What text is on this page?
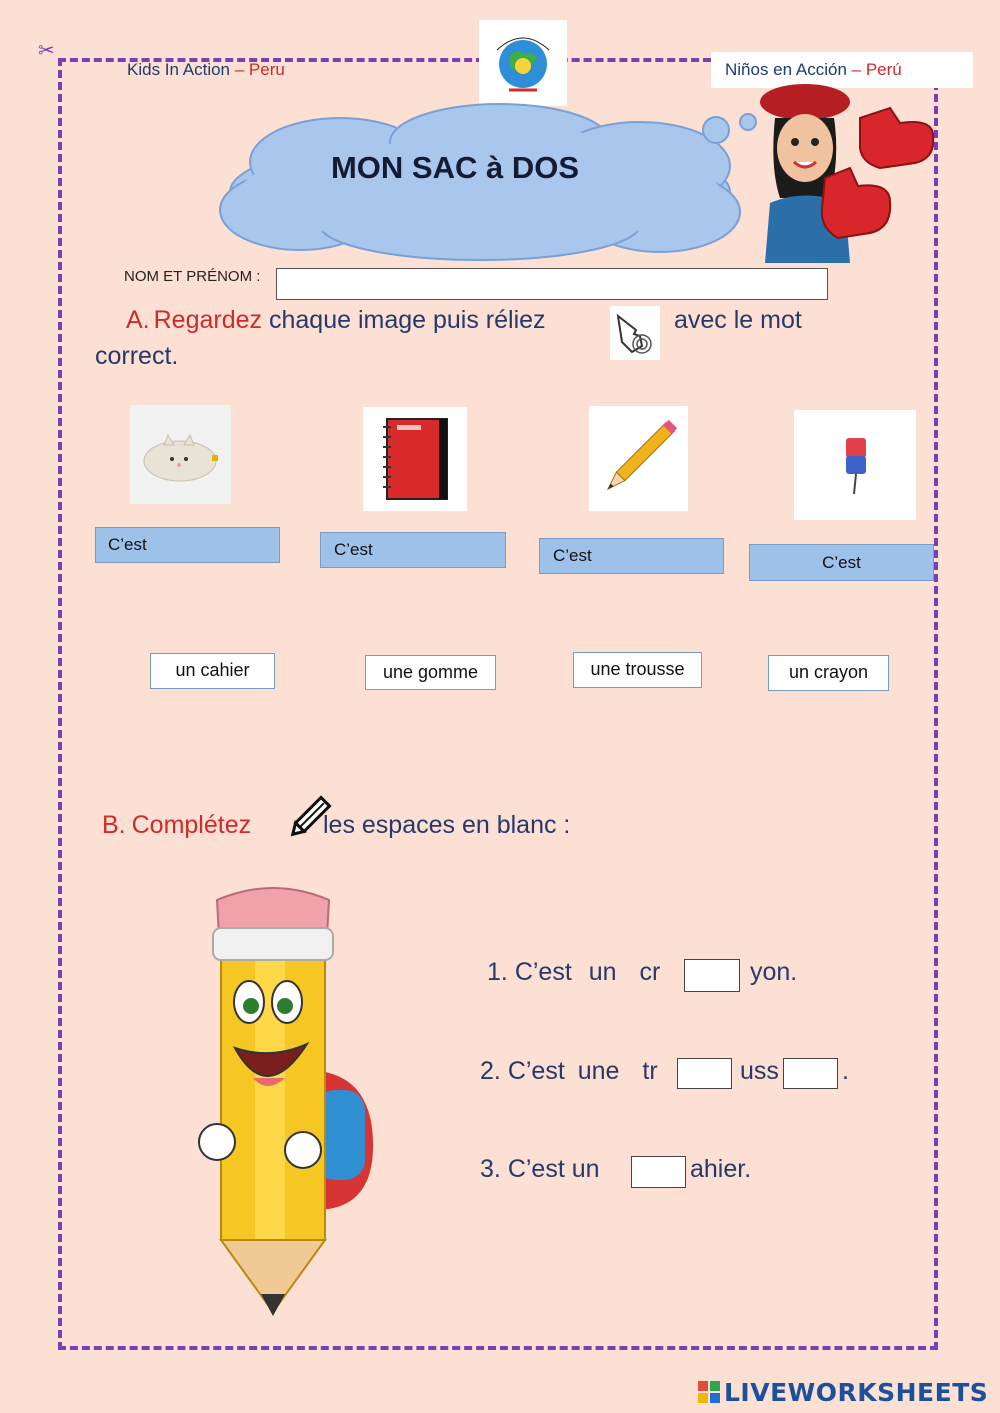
✂
Kids In Action – Peru	Niños en Acción – Perú
MON SAC à DOS
NOM ET PRÉNOM :
A. Regardez chaque image puis réliez	avec le mot
correct.
C’est	C’est	C’est	C’est
un cahier	une gomme	une trousse	un crayon
B. Complétez	les espaces en blanc :
1. C’est un cr	yon.
2. C’est une tr	uss	.
3. C’est un	ahier.
LIVEWORKSHEETS
